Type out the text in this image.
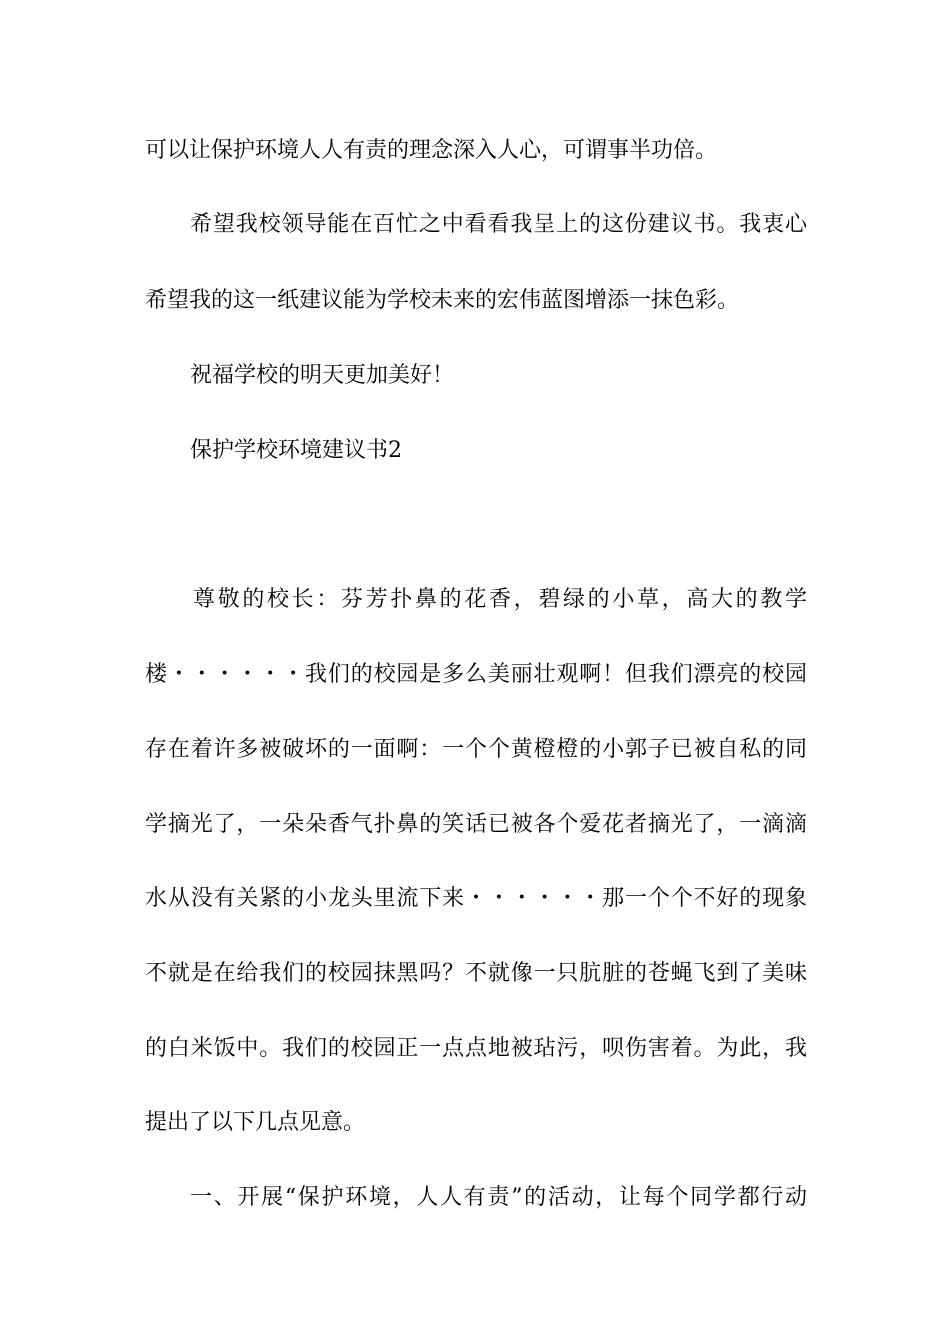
可以让保护环境人人有责的理念深入人心，可谓事半功倍。
希望我校领导能在百忙之中看看我呈上的这份建议书。我衷心
希望我的这一纸建议能为学校未来的宏伟蓝图增添一抹色彩。
祝福学校的明天更加美好！
保护学校环境建议书2
尊敬的校长：芬芳扑鼻的花香，碧绿的小草，高大的教学
楼・・・・・・我们的校园是多么美丽壮观啊！但我们漂亮的校园
存在着许多被破坏的一面啊：一个个黄橙橙的小郭子已被自私的同
学摘光了，一朵朵香气扑鼻的笑话已被各个爱花者摘光了，一滴滴
水从没有关紧的小龙头里流下来・・・・・・那一个个不好的现象
不就是在给我们的校园抹黑吗？不就像一只肮脏的苍蝇飞到了美味
的白米饭中。我们的校园正一点点地被玷污，呗伤害着。为此，我
提出了以下几点见意。
一、开展“保护环境，人人有责”的活动，让每个同学都行动
